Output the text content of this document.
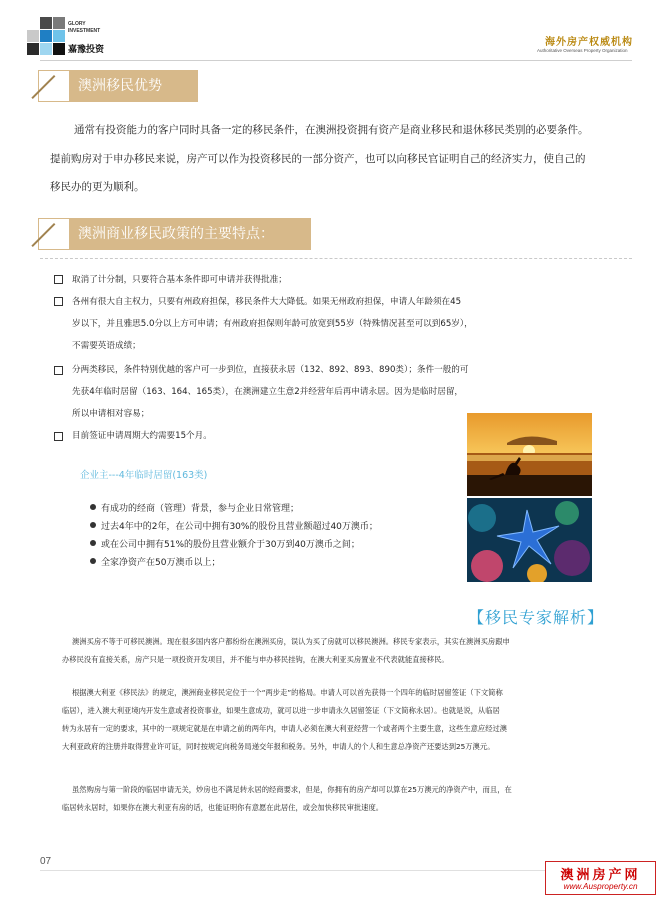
GLORY
INVESTMENT
嘉豫投资
海外房产权威机构
Authoritative Overseas Property Organization
澳洲移民优势
通常有投资能力的客户同时具备一定的移民条件，在澳洲投资拥有资产是商业移民和退休移民类别的必要条件。
提前购房对于申办移民来说，房产可以作为投资移民的一部分资产，也可以向移民官证明自己的经济实力，使自己的
移民办的更为顺利。
澳洲商业移民政策的主要特点：
取消了计分制，只要符合基本条件即可申请并获得批准；
各州有很大自主权力，只要有州政府担保，移民条件大大降低。如果无州政府担保，申请人年龄须在45
岁以下，并且雅思5.0分以上方可申请；有州政府担保则年龄可放宽到55岁（特殊情况甚至可以到65岁），
不需要英语成绩；
分两类移民，条件特别优越的客户可一步到位，直接获永居（132、892、893、890类）；条件一般的可
先获4年临时居留（163、164、165类），在澳洲建立生意2并经营年后再申请永居。因为是临时居留，
所以申请相对容易；
目前签证申请周期大约需要15个月。
企业主---4年临时居留(163类)
有成功的经商（管理）背景，参与企业日常管理；
过去4年中的2年，在公司中拥有30%的股份且营业额超过40万澳币；
或在公司中拥有51%的股份且营业额介于30万到40万澳币之间；
全家净资产在50万澳币以上；
【移民专家解析】
澳洲买房不等于可移民澳洲。现在很多国内客户都纷纷在澳洲买房，误认为买了房就可以移民澳洲。移民专家表示，其实在澳洲买房跟申
办移民没有直接关系，房产只是一项投资开发项目，并不能与申办移民挂钩，在澳大利亚买房置业不代表就能直接移民。
根据澳大利亚《移民法》的规定，澳洲商业移民定位于一个“两步走”的格局。申请人可以首先获得一个四年的临时居留签证（下文简称
临居），进入澳大利亚境内开发生意或者投资事业，如果生意成功，就可以进一步申请永久居留签证（下文简称永居）。也就是说，从临居
转为永居有一定的要求，其中的一项规定就是在申请之前的两年内，申请人必须在澳大利亚经营一个或者两个主要生意，这些生意应经过澳
大利亚政府的注册并取得营业许可证，同时按规定向税务局递交年报和税务。另外，申请人的个人和生意总净资产还要达到25万澳元。
虽然购房与第一阶段的临居申请无关，炒房也不满足转永居的经商要求，但是，你拥有的房产却可以算在25万澳元的净资产中，而且，在
临居转永居时，如果你在澳大利亚有房的话，也能证明你有意愿在此居住，或会加快移民审批速度。
07
澳洲房产网
www.Ausproperty.cn
